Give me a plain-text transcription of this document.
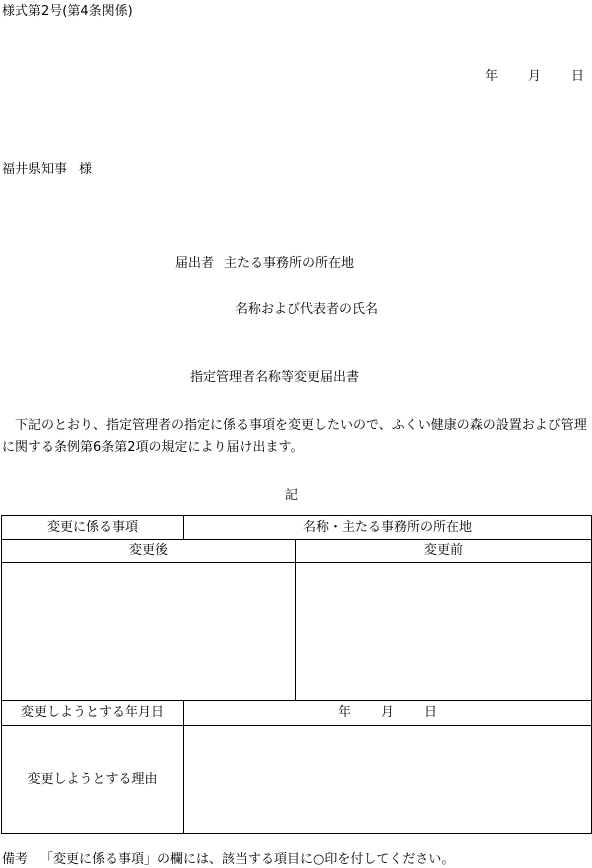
様式第2号(第4条関係)
年 月 日
福井県知事 様
届出者 主たる事務所の所在地
名称および代表者の氏名
指定管理者名称等変更届出書
下記のとおり、指定管理者の指定に係る事項を変更したいので、ふくい健康の森の設置および管理に関する条例第6条第2項の規定により届け出ます。
記
変更に係る事項	名称・主たる事務所の所在地	
変更後		変更前

変更しようとする年月日	年 月 日	
変更しようとする理由		
備考 「変更に係る事項」の欄には、該当する項目に○印を付してください。
